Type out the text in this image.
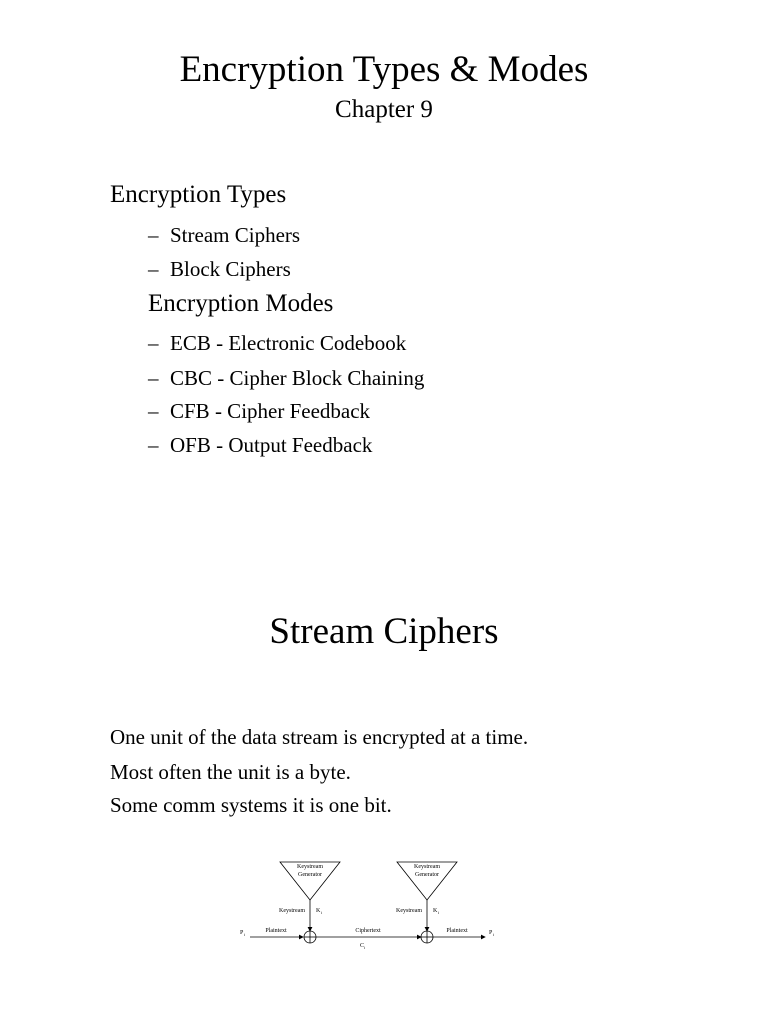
Encryption Types & Modes
Chapter 9
Encryption Types
– Stream Ciphers
– Block Ciphers
Encryption Modes
– ECB - Electronic Codebook
– CBC - Cipher Block Chaining
– CFB - Cipher Feedback
– OFB - Output Feedback
Stream Ciphers
One unit of the data stream is encrypted at a time.
Most often the unit is a byte.
Some comm systems it is one bit.
Keystream
Generator
Keystream K i
P i
Plaintext	Ciphertext
C i
Keystream
Generator
Keystream K i
Plaintext	P i
